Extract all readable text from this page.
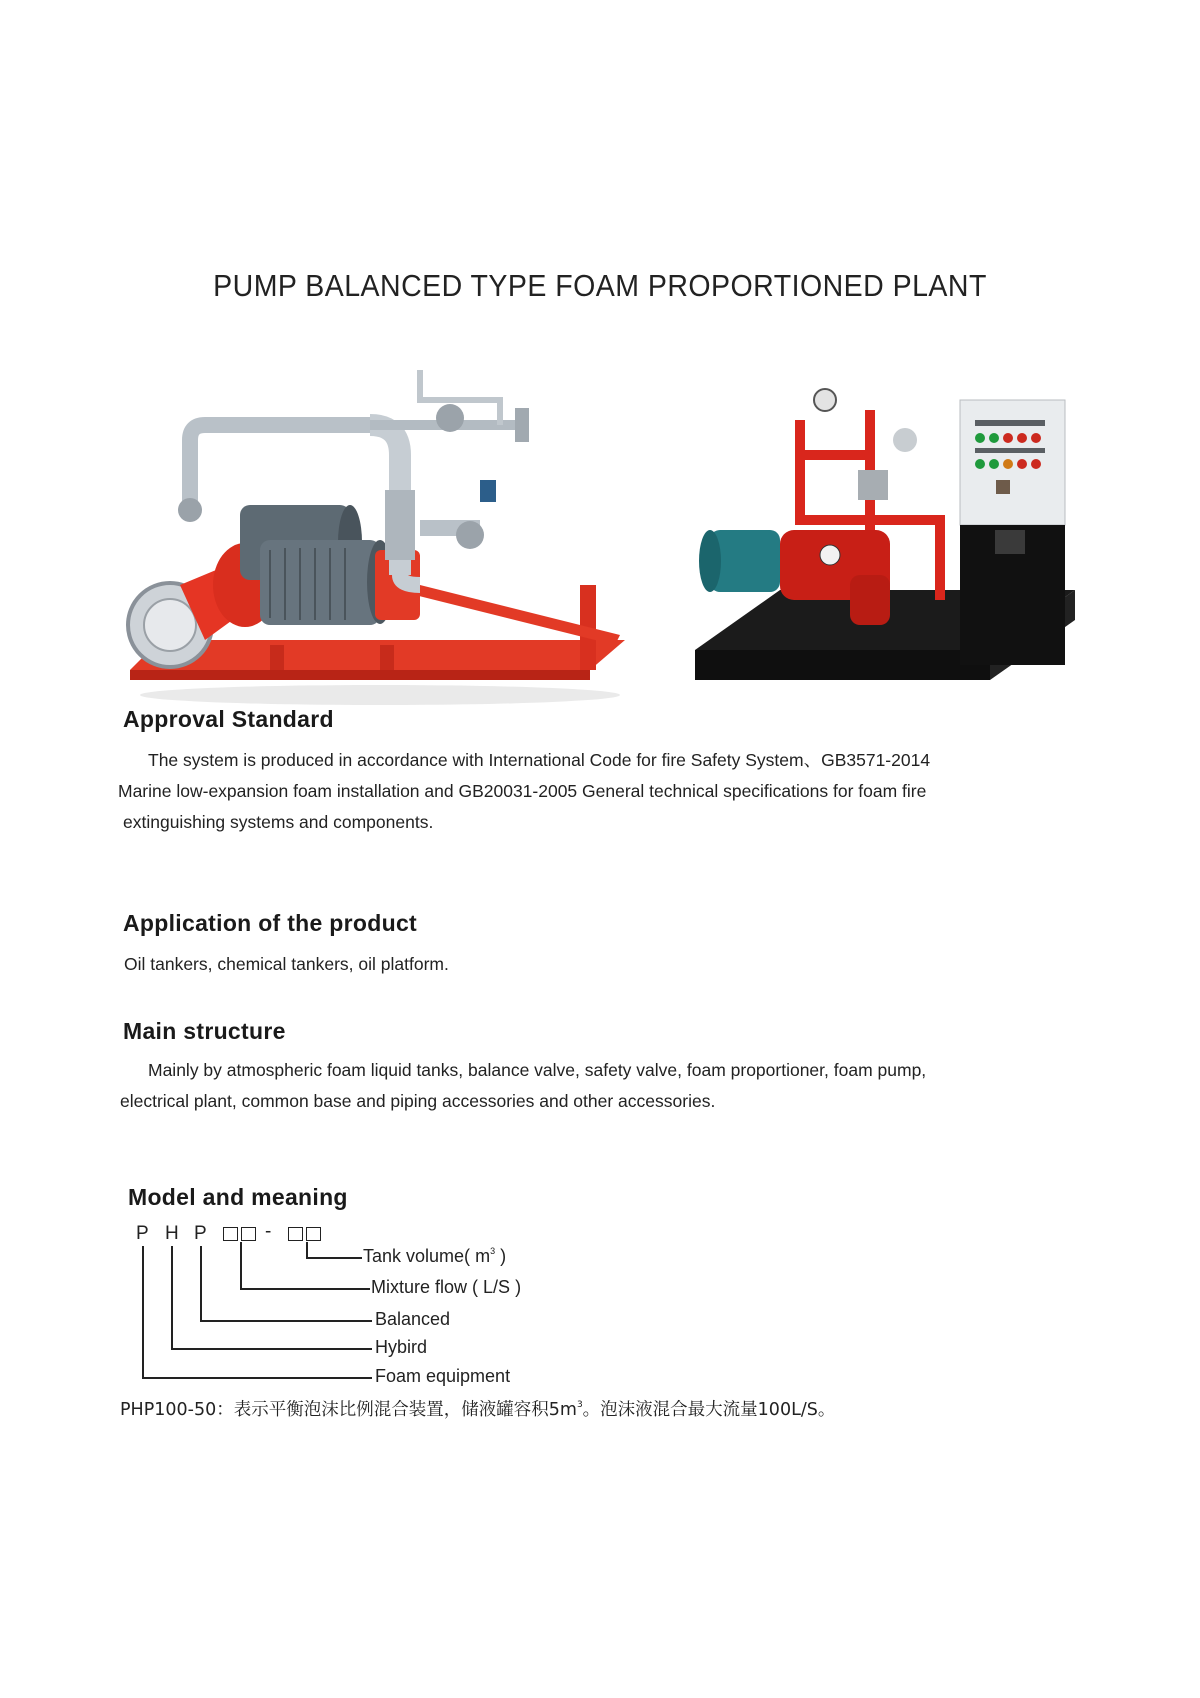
PUMP BALANCED TYPE FOAM PROPORTIONED PLANT
Approval Standard
The system is produced in accordance with International Code for fire Safety System、GB3571-2014
Marine low-expansion foam installation and GB20031-2005 General technical specifications for foam fire
extinguishing systems and components.
Application of the product
Oil tankers, chemical tankers, oil platform.
Main structure
Mainly by atmospheric foam liquid tanks, balance valve, safety valve, foam proportioner, foam pump,
electrical plant, common base and piping accessories and other accessories.
Model and meaning
P H P	-
Tank volume( $m^3$ )
Mixture flow ( L/S )
Balanced
Hybird
Foam equipment
PHP100-50：表示平衡泡沫比例混合装置，储液罐容积$5m^3$。泡沫液混合最大流量100L/S。
